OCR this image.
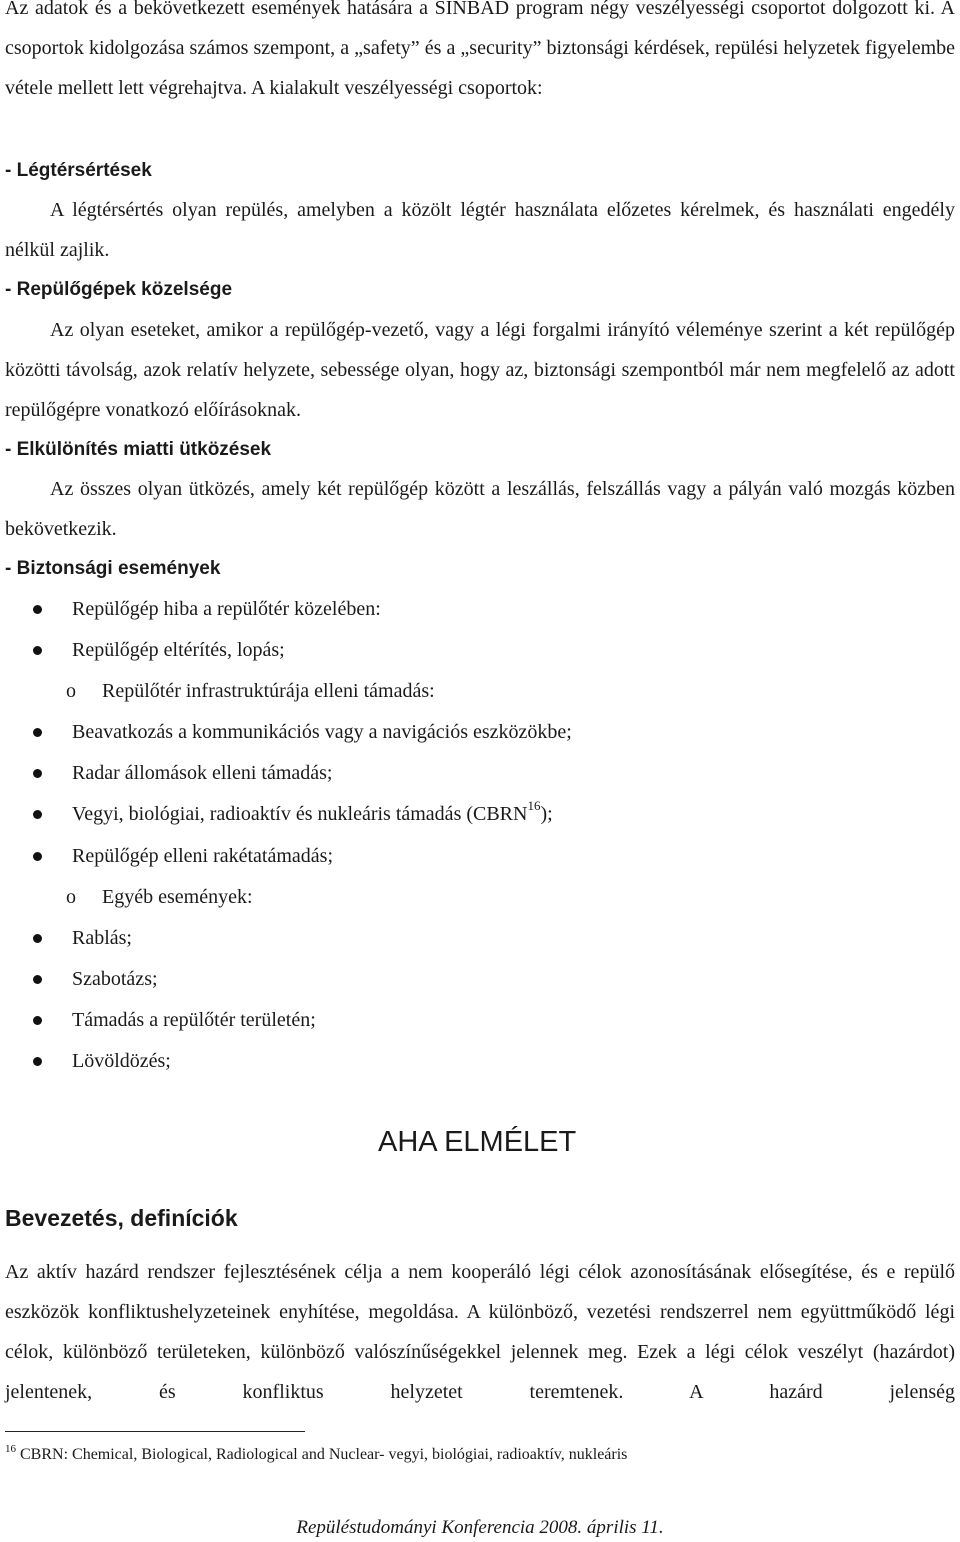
Az adatok és a bekövetkezett események hatására a SINBAD program négy veszélyességi csoportot dolgozott ki. A csoportok kidolgozása számos szempont, a „safety” és a „security” biztonsági kérdések, repülési helyzetek figyelembe vétele mellett lett végrehajtva. A kialakult veszélyességi csoportok:
- Légtérsértések
A légtérsértés olyan repülés, amelyben a közölt légtér használata előzetes kérelmek, és használati engedély nélkül zajlik.
- Repülőgépek közelsége
Az olyan eseteket, amikor a repülőgép-vezető, vagy a légi forgalmi irányító véleménye szerint a két repülőgép közötti távolság, azok relatív helyzete, sebessége olyan, hogy az, biztonsági szempontból már nem megfelelő az adott repülőgépre vonatkozó előírásoknak.
- Elkülönítés miatti ütközések
Az összes olyan ütközés, amely két repülőgép között a leszállás, felszállás vagy a pályán való mozgás közben bekövetkezik.
- Biztonsági események
Repülőgép hiba a repülőtér közelében:
Repülőgép eltérítés, lopás;
o Repülőtér infrastruktúrája elleni támadás:
Beavatkozás a kommunikációs vagy a navigációs eszközökbe;
Radar állomások elleni támadás;
Vegyi, biológiai, radioaktív és nukleáris támadás (CBRN$^{16}$);
Repülőgép elleni rakétatámadás;
o Egyéb események:
Rablás;
Szabotázs;
Támadás a repülőtér területén;
Lövöldözés;
AHA ELMÉLET
Bevezetés, definíciók
Az aktív hazárd rendszer fejlesztésének célja a nem kooperáló légi célok azonosításának elősegítése, és e repülő eszközök konfliktushelyzeteinek enyhítése, megoldása. A különböző, vezetési rendszerrel nem együttműködő légi célok, különböző területeken, különböző valószínűségekkel jelennek meg. Ezek a légi célok veszélyt (hazárdot) jelentenek, és konfliktus helyzetet teremtenek. A hazárd jelenség
$^{16}$ CBRN: Chemical, Biological, Radiological and Nuclear- vegyi, biológiai, radioaktív, nukleáris
Repüléstudományi Konferencia 2008. április 11.
